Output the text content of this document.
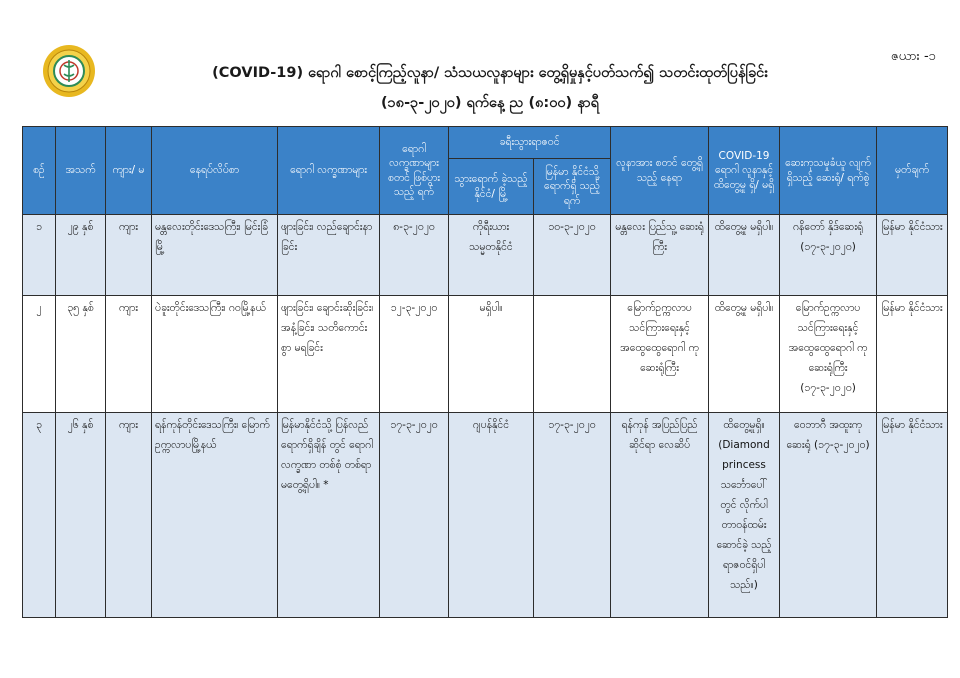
ဇယား -၁
(COVID-19) ရောဂါ စောင့်ကြည့်လူနာ/ သံသယလူနာများ တွေ့ရှိမှုနှင့်ပတ်သက်၍ သတင်းထုတ်ပြန်ခြင်း
(၁၈-၃-၂၀၂၀) ရက်နေ့ ည (၈:၀၀) နာရီ
စဉ်	အသက်	ကျား/ မ	နေရပ်လိပ်စာ	ရောဂါ လက္ခဏာများ	ရောဂါ လက္ခဏာများ စတင် ဖြစ်ပွားသည့် ရက်	ခရီးသွားရာဇဝင်		လူနာအား စတင် တွေ့ရှိသည့် နေရာ	COVID-19 ရောဂါ လူနာနှင့် ထိတွေ့မှု ရှိ/ မရှိ	ဆေးကုသမှုခံယူ လျက်ရှိသည့် ဆေးရုံ/ ရက်စွဲ	မှတ်ချက်
						သွားရောက် ခဲ့သည့် နိုင်ငံ/ မြို့	မြန်မာ နိုင်ငံသို့ ရောက်ရှိ သည့်ရက်				
၁	၂၉ နှစ်	ကျား	မန္တလေးတိုင်းဒေသကြီး၊ မြင်းခြံမြို့	ဖျားခြင်း၊ လည်ချောင်းနာခြင်း	၈-၃-၂၀၂၀	ကိုရီးယား သမ္မတနိုင်ငံ	၁၀-၃-၂၀၂၀	မန္တလေး ပြည်သူ့ ဆေးရုံကြီး	ထိတွေ့မှု မရှိပါ။	ဂနိတော် နှိဒ်ဆေးရုံ (၁၇-၃-၂၀၂၀)	မြန်မာ နိုင်ငံသား
၂	၃၅ နှစ်	ကျား	ပဲခူးတိုင်းဒေသကြီး၊ ဂဝမြို့နယ်	ဖျားခြင်း၊ ချောင်းဆိုးခြင်း၊ အနံ့ခြင်း၊ သတိကောင်းစွာ မရခြင်း	၁၂-၃-၂၀၂၀	မရှိပါ။		မြောက်ဥက္ကလာပ သင်ကြားရေးနှင့် အထွေထွေရောဂါ ကုဆေးရုံကြီး	ထိတွေ့မှု မရှိပါ။	မြောက်ဥက္ကလာပ သင်ကြားရေးနှင့် အထွေထွေရောဂါ ကုဆေးရုံကြီး (၁၇-၃-၂၀၂၀)	မြန်မာ နိုင်ငံသား
၃	၂၆ နှစ်	ကျား	ရန်ကုန်တိုင်းဒေသကြီး၊ မြောက်ဥက္ကလာပမြို့နယ်	မြန်မာနိုင်ငံသို့ ပြန်လည်ရောက်ရှိချိန် တွင် ရောဂါလက္ခဏာ တစ်စုံ တစ်ရာ မတွေ့ရှိပါ။ *	၁၇-၃-၂၀၂၀	ဂျပန်နိုင်ငံ	၁၇-၃-၂၀၂၀	ရန်ကုန် အပြည်ပြည်ဆိုင်ရာ လေဆိပ်	ထိတွေ့မှုရှိ။ (Diamond princess သင်္ဘောပေါ် တွင် လိုက်ပါ တာဝန်ထမ်း ဆောင်ခဲ့ သည့် ရာဇဝင်ရှိပါ သည်။)	ဝေဘာဂီ အထူးကုဆေးရုံ (၁၇-၃-၂၀၂၀)	မြန်မာ နိုင်ငံသား
